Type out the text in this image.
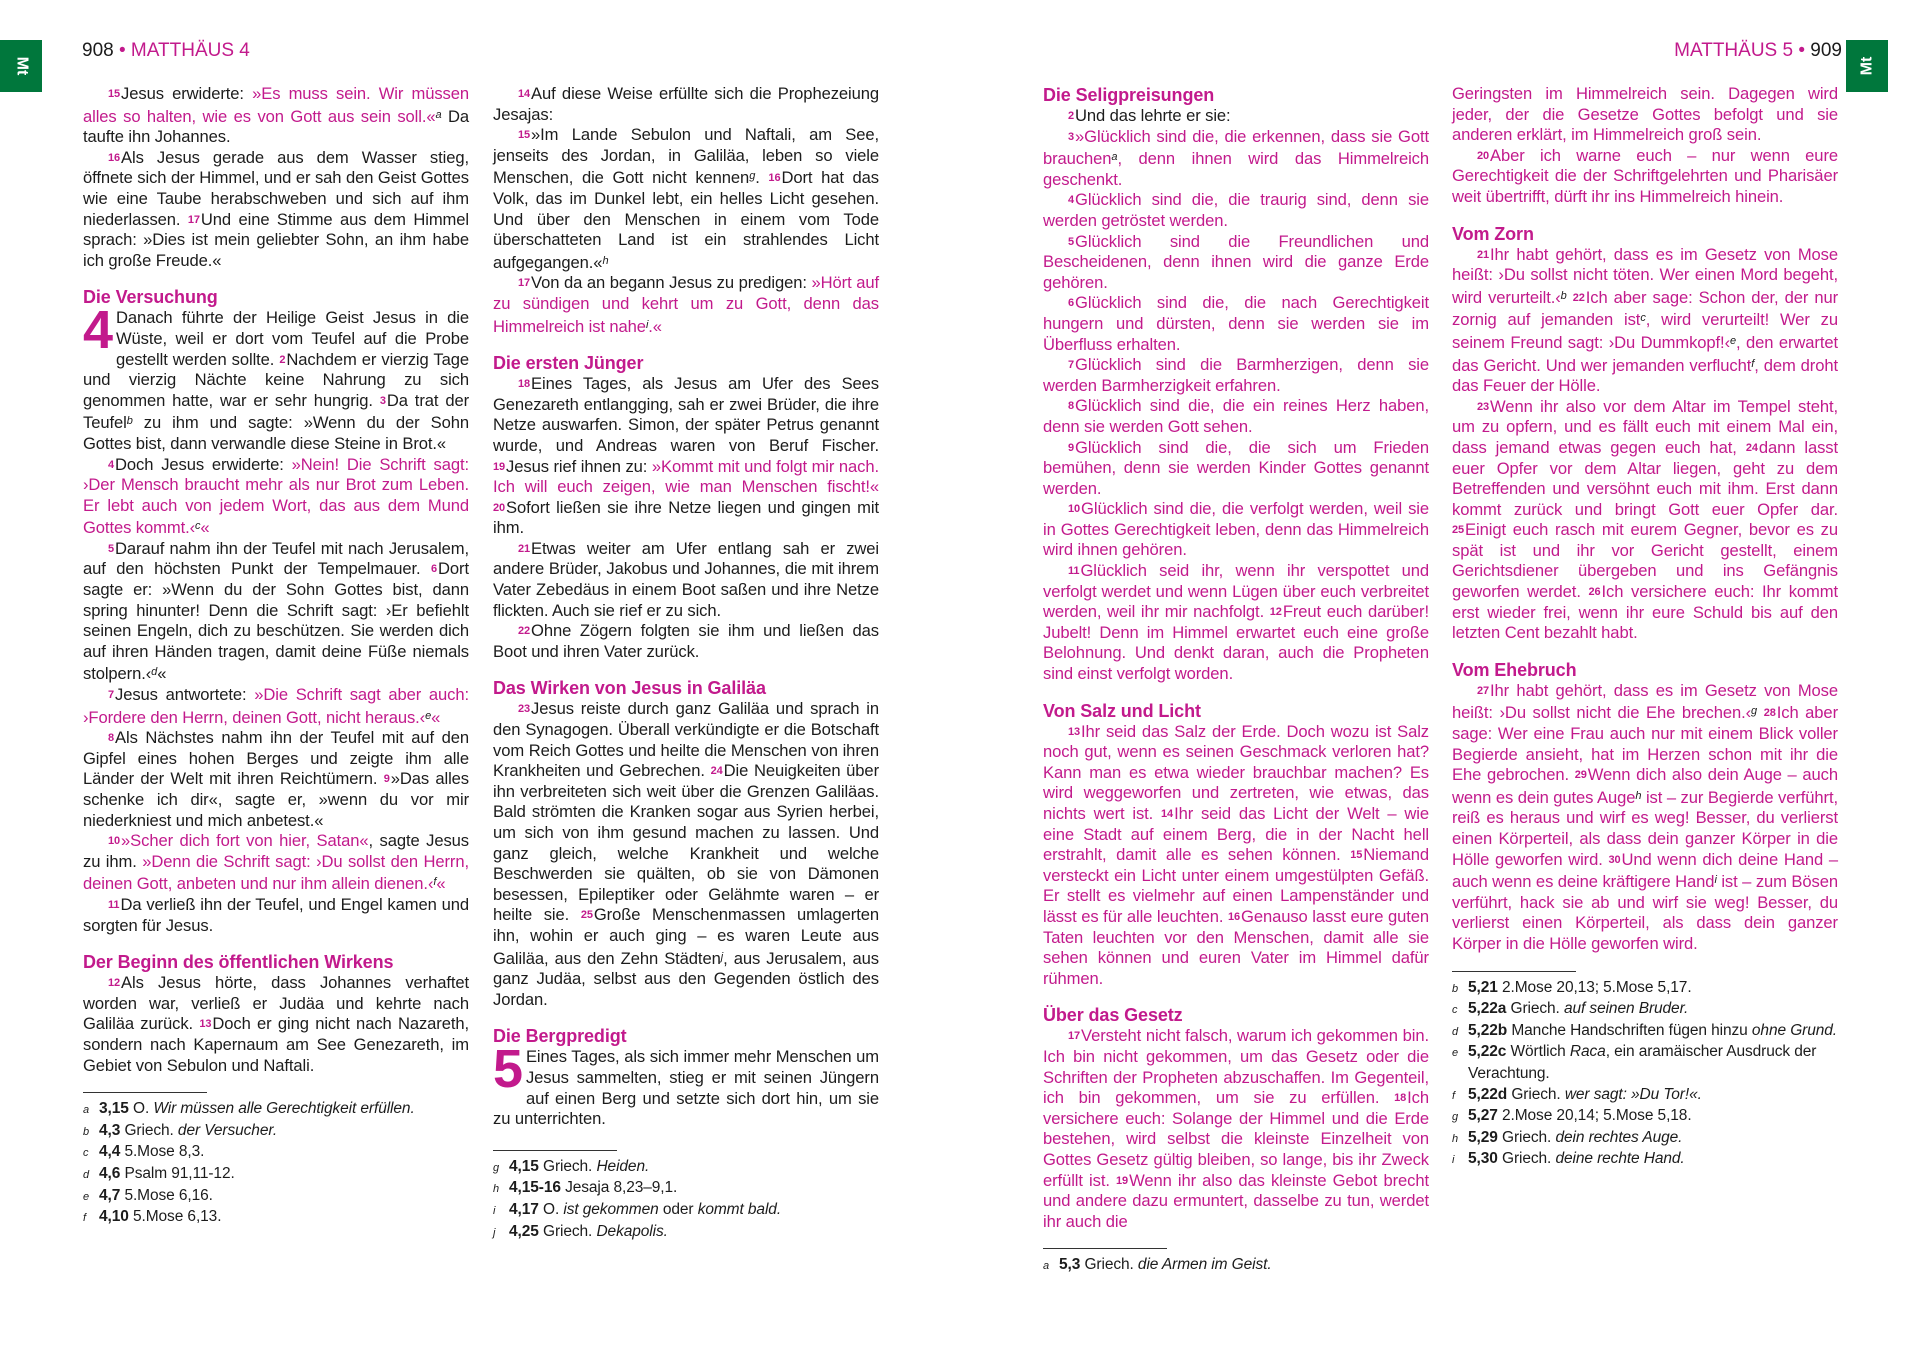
Mt	Mt
908 • MATTHÄUS 4	MATTHÄUS 5 • 909

15Jesus erwiderte: »Es muss sein. Wir müssen alles so halten, wie es von Gott aus sein soll.«$^a$ Da taufte ihn Johannes.

16Als Jesus gerade aus dem Wasser stieg, öffnete sich der Himmel, und er sah den Geist Gottes wie eine Taube herabschweben und sich auf ihm niederlassen. 17Und eine Stimme aus dem Himmel sprach: »Dies ist mein geliebter Sohn, an ihm habe ich große Freude.«

Die Versuchung

4 Danach führte der Heilige Geist Jesus in die Wüste, weil er dort vom Teufel auf die Probe gestellt werden sollte. 2Nachdem er vierzig Tage und vierzig Nächte keine Nahrung zu sich genommen hatte, war er sehr hungrig. 3Da trat der Teufel$^b$ zu ihm und sagte: »Wenn du der Sohn Gottes bist, dann verwandle diese Steine in Brot.«

4Doch Jesus erwiderte: »Nein! Die Schrift sagt: ›Der Mensch braucht mehr als nur Brot zum Leben. Er lebt auch von jedem Wort, das aus dem Mund Gottes kommt.‹$^c$«

5Darauf nahm ihn der Teufel mit nach Jerusalem, auf den höchsten Punkt der Tempelmauer. 6Dort sagte er: »Wenn du der Sohn Gottes bist, dann spring hinunter! Denn die Schrift sagt: ›Er befiehlt seinen Engeln, dich zu beschützen. Sie werden dich auf ihren Händen tragen, damit deine Füße niemals stolpern.‹$^d$«

7Jesus antwortete: »Die Schrift sagt aber auch: ›Fordere den Herrn, deinen Gott, nicht heraus.‹$^e$«

8Als Nächstes nahm ihn der Teufel mit auf den Gipfel eines hohen Berges und zeigte ihm alle Länder der Welt mit ihren Reichtümern. 9»Das alles schenke ich dir«, sagte er, »wenn du vor mir niederkniest und mich anbetest.«

10»Scher dich fort von hier, Satan«, sagte Jesus zu ihm. »Denn die Schrift sagt: ›Du sollst den Herrn, deinen Gott, anbeten und nur ihm allein dienen.‹$^f$«

11Da verließ ihn der Teufel, und Engel kamen und sorgten für Jesus.

Der Beginn des öffentlichen Wirkens

12Als Jesus hörte, dass Johannes verhaftet worden war, verließ er Judäa und kehrte nach Galiläa zurück. 13Doch er ging nicht nach Nazareth, sondern nach Kapernaum am See Genezareth, im Gebiet von Sebulon und Naftali.

a 3,15 O. Wir müssen alle Gerechtigkeit erfüllen.
b 4,3 Griech. der Versucher.
c 4,4 5.Mose 8,3.
d 4,6 Psalm 91,11-12.
e 4,7 5.Mose 6,16.
f 4,10 5.Mose 6,13.

14Auf diese Weise erfüllte sich die Prophezeiung Jesajas:

15»Im Lande Sebulon und Naftali, am See, jenseits des Jordan, in Galiläa, leben so viele Menschen, die Gott nicht kennen$^g$. 16Dort hat das Volk, das im Dunkel lebt, ein helles Licht gesehen. Und über den Menschen in einem vom Tode überschatteten Land ist ein strahlendes Licht aufgegangen.«$^h$

17Von da an begann Jesus zu predigen: »Hört auf zu sündigen und kehrt um zu Gott, denn das Himmelreich ist nahe$^i$.«

Die ersten Jünger

18Eines Tages, als Jesus am Ufer des Sees Genezareth entlangging, sah er zwei Brüder, die ihre Netze auswarfen. Simon, der später Petrus genannt wurde, und Andreas waren von Beruf Fischer. 19Jesus rief ihnen zu: »Kommt mit und folgt mir nach. Ich will euch zeigen, wie man Menschen fischt!« 20Sofort ließen sie ihre Netze liegen und gingen mit ihm.

21Etwas weiter am Ufer entlang sah er zwei andere Brüder, Jakobus und Johannes, die mit ihrem Vater Zebedäus in einem Boot saßen und ihre Netze flickten. Auch sie rief er zu sich.

22Ohne Zögern folgten sie ihm und ließen das Boot und ihren Vater zurück.

Das Wirken von Jesus in Galiläa

23Jesus reiste durch ganz Galiläa und sprach in den Synagogen. Überall verkündigte er die Botschaft vom Reich Gottes und heilte die Menschen von ihren Krankheiten und Gebrechen. 24Die Neuigkeiten über ihn verbreiteten sich weit über die Grenzen Galiläas. Bald strömten die Kranken sogar aus Syrien herbei, um sich von ihm gesund machen zu lassen. Und ganz gleich, welche Krankheit und welche Beschwerden sie quälten, ob sie von Dämonen besessen, Epileptiker oder Gelähmte waren – er heilte sie. 25Große Menschenmassen umlagerten ihn, wohin er auch ging – es waren Leute aus Galiläa, aus den Zehn Städten$^j$, aus Jerusalem, aus ganz Judäa, selbst aus den Gegenden östlich des Jordan.

Die Bergpredigt

5 Eines Tages, als sich immer mehr Menschen um Jesus sammelten, stieg er mit seinen Jüngern auf einen Berg und setzte sich dort hin, um sie zu unterrichten.

g 4,15 Griech. Heiden.
h 4,15-16 Jesaja 8,23–9,1.
i 4,17 O. ist gekommen oder kommt bald.
j 4,25 Griech. Dekapolis.
Die Seligpreisungen

2Und das lehrte er sie:

3»Glücklich sind die, die erkennen, dass sie Gott brauchen$^a$, denn ihnen wird das Himmelreich geschenkt.

4Glücklich sind die, die traurig sind, denn sie werden getröstet werden.

5Glücklich sind die Freundlichen und Bescheidenen, denn ihnen wird die ganze Erde gehören.

6Glücklich sind die, die nach Gerechtigkeit hungern und dürsten, denn sie werden sie im Überfluss erhalten.

7Glücklich sind die Barmherzigen, denn sie werden Barmherzigkeit erfahren.

8Glücklich sind die, die ein reines Herz haben, denn sie werden Gott sehen.

9Glücklich sind die, die sich um Frieden bemühen, denn sie werden Kinder Gottes genannt werden.

10Glücklich sind die, die verfolgt werden, weil sie in Gottes Gerechtigkeit leben, denn das Himmelreich wird ihnen gehören.

11Glücklich seid ihr, wenn ihr verspottet und verfolgt werdet und wenn Lügen über euch verbreitet werden, weil ihr mir nachfolgt. 12Freut euch darüber! Jubelt! Denn im Himmel erwartet euch eine große Belohnung. Und denkt daran, auch die Propheten sind einst verfolgt worden.

Von Salz und Licht

13Ihr seid das Salz der Erde. Doch wozu ist Salz noch gut, wenn es seinen Geschmack verloren hat? Kann man es etwa wieder brauchbar machen? Es wird weggeworfen und zertreten, wie etwas, das nichts wert ist. 14Ihr seid das Licht der Welt – wie eine Stadt auf einem Berg, die in der Nacht hell erstrahlt, damit alle es sehen können. 15Niemand versteckt ein Licht unter einem umgestülpten Gefäß. Er stellt es vielmehr auf einen Lampenständer und lässt es für alle leuchten. 16Genauso lasst eure guten Taten leuchten vor den Menschen, damit alle sie sehen können und euren Vater im Himmel dafür rühmen.

Über das Gesetz

17Versteht nicht falsch, warum ich gekommen bin. Ich bin nicht gekommen, um das Gesetz oder die Schriften der Propheten abzuschaffen. Im Gegenteil, ich bin gekommen, um sie zu erfüllen. 18Ich versichere euch: Solange der Himmel und die Erde bestehen, wird selbst die kleinste Einzelheit von Gottes Gesetz gültig bleiben, so lange, bis ihr Zweck erfüllt ist. 19Wenn ihr also das kleinste Gebot brecht und andere dazu ermuntert, dasselbe zu tun, werdet ihr auch die

a 5,3 Griech. die Armen im Geist.

Geringsten im Himmelreich sein. Dagegen wird jeder, der die Gesetze Gottes befolgt und sie anderen erklärt, im Himmelreich groß sein.

20Aber ich warne euch – nur wenn eure Gerechtigkeit die der Schriftgelehrten und Pharisäer weit übertrifft, dürft ihr ins Himmelreich hinein.

Vom Zorn

21Ihr habt gehört, dass es im Gesetz von Mose heißt: ›Du sollst nicht töten. Wer einen Mord begeht, wird verurteilt.‹$^b$ 22Ich aber sage: Schon der, der nur zornig auf jemanden ist$^c$, wird verurteilt! Wer zu seinem Freund sagt: ›Du Dummkopf!‹$^e$, den erwartet das Gericht. Und wer jemanden verflucht$^f$, dem droht das Feuer der Hölle.

23Wenn ihr also vor dem Altar im Tempel steht, um zu opfern, und es fällt euch mit einem Mal ein, dass jemand etwas gegen euch hat, 24dann lasst euer Opfer vor dem Altar liegen, geht zu dem Betreffenden und versöhnt euch mit ihm. Erst dann kommt zurück und bringt Gott euer Opfer dar. 25Einigt euch rasch mit eurem Gegner, bevor es zu spät ist und ihr vor Gericht gestellt, einem Gerichtsdiener übergeben und ins Gefängnis geworfen werdet. 26Ich versichere euch: Ihr kommt erst wieder frei, wenn ihr eure Schuld bis auf den letzten Cent bezahlt habt.

Vom Ehebruch

27Ihr habt gehört, dass es im Gesetz von Mose heißt: ›Du sollst nicht die Ehe brechen.‹$^g$ 28Ich aber sage: Wer eine Frau auch nur mit einem Blick voller Begierde ansieht, hat im Herzen schon mit ihr die Ehe gebrochen. 29Wenn dich also dein Auge – auch wenn es dein gutes Auge$^h$ ist – zur Begierde verführt, reiß es heraus und wirf es weg! Besser, du verlierst einen Körperteil, als dass dein ganzer Körper in die Hölle geworfen wird. 30Und wenn dich deine Hand – auch wenn es deine kräftigere Hand$^i$ ist – zum Bösen verführt, hack sie ab und wirf sie weg! Besser, du verlierst einen Körperteil, als dass dein ganzer Körper in die Hölle geworfen wird.

b 5,21 2.Mose 20,13; 5.Mose 5,17.
c 5,22a Griech. auf seinen Bruder.
d 5,22b Manche Handschriften fügen hinzu ohne Grund.
e 5,22c Wörtlich Raca, ein aramäischer Ausdruck der Verachtung.
f 5,22d Griech. wer sagt: »Du Tor!«.
g 5,27 2.Mose 20,14; 5.Mose 5,18.
h 5,29 Griech. dein rechtes Auge.
i 5,30 Griech. deine rechte Hand.
